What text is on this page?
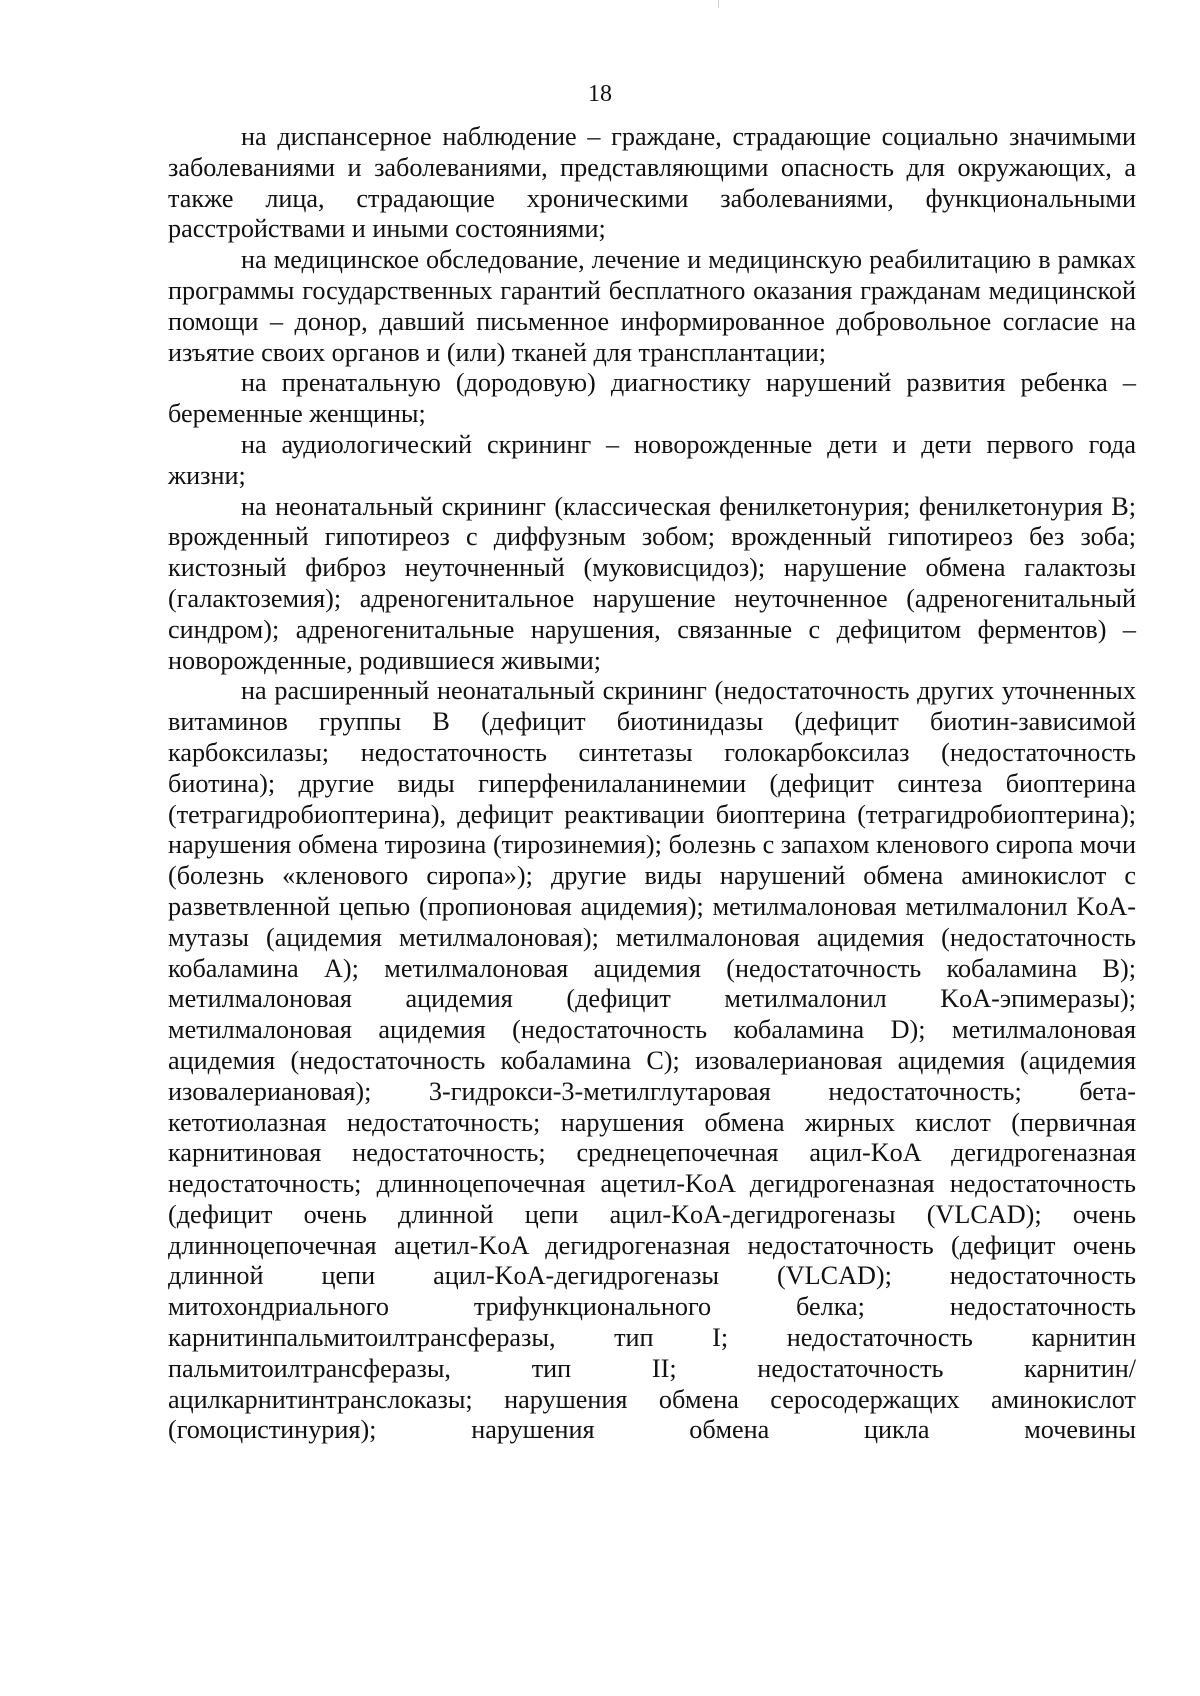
18

на диспансерное наблюдение – граждане, страдающие социально значимыми заболеваниями и заболеваниями, представляющими опасность для окружающих, а также лица, страдающие хроническими заболеваниями, функциональными расстройствами и иными состояниями;

на медицинское обследование, лечение и медицинскую реабилитацию в рамках программы государственных гарантий бесплатного оказания гражданам медицинской помощи – донор, давший письменное информированное добровольное согласие на изъятие своих органов и (или) тканей для трансплантации;

на пренатальную (дородовую) диагностику нарушений развития ребенка – беременные женщины;

на аудиологический скрининг – новорожденные дети и дети первого года жизни;

на неонатальный скрининг (классическая фенилкетонурия; фенилкетонурия B; врожденный гипотиреоз с диффузным зобом; врожденный гипотиреоз без зоба; кистозный фиброз неуточненный (муковисцидоз); нарушение обмена галактозы (галактоземия); адреногенитальное нарушение неуточненное (адреногенитальный синдром); адреногенитальные нарушения, связанные с дефицитом ферментов) – новорожденные, родившиеся живыми;

на расширенный неонатальный скрининг (недостаточность других уточненных витаминов группы B (дефицит биотинидазы (дефицит биотин-зависимой карбоксилазы; недостаточность синтетазы голокарбоксилаз (недостаточность биотина); другие виды гиперфенилаланинемии (дефицит синтеза биоптерина (тетрагидробиоптерина), дефицит реактивации биоптерина (тетрагидробиоптерина); нарушения обмена тирозина (тирозинемия); болезнь с запахом кленового сиропа мочи (болезнь «кленового сиропа»); другие виды нарушений обмена аминокислот с разветвленной цепью (пропионовая ацидемия); метилмалоновая метилмалонил KoA-мутазы (ацидемия метилмалоновая); метилмалоновая ацидемия (недостаточность кобаламина A); метилмалоновая ацидемия (недостаточность кобаламина B); метилмалоновая ацидемия (дефицит метилмалонил KoA-эпимеразы); метилмалоновая ацидемия (недостаточность кобаламина D); метилмалоновая ацидемия (недостаточность кобаламина C); изовалериановая ацидемия (ацидемия изовалериановая); 3-гидрокси-3-метилглутаровая недостаточность; бета-кетотиолазная недостаточность; нарушения обмена жирных кислот (первичная карнитиновая недостаточность; среднецепочечная ацил-KoA дегидрогеназная недостаточность; длинноцепочечная ацетил-KoA дегидрогеназная недостаточность (дефицит очень длинной цепи ацил-KoA-дегидрогеназы (VLCAD); очень длинноцепочечная ацетил-KoA дегидрогеназная недостаточность (дефицит очень длинной цепи ацил-KoA-дегидрогеназы (VLCAD); недостаточность митохондриального трифункционального белка; недостаточность карнитинпальмитоилтрансферазы, тип I; недостаточность карнитин пальмитоилтрансферазы, тип II; недостаточность карнитин/ацилкарнитинтранслоказы; нарушения обмена серосодержащих аминокислот (гомоцистинурия); нарушения обмена цикла мочевины
